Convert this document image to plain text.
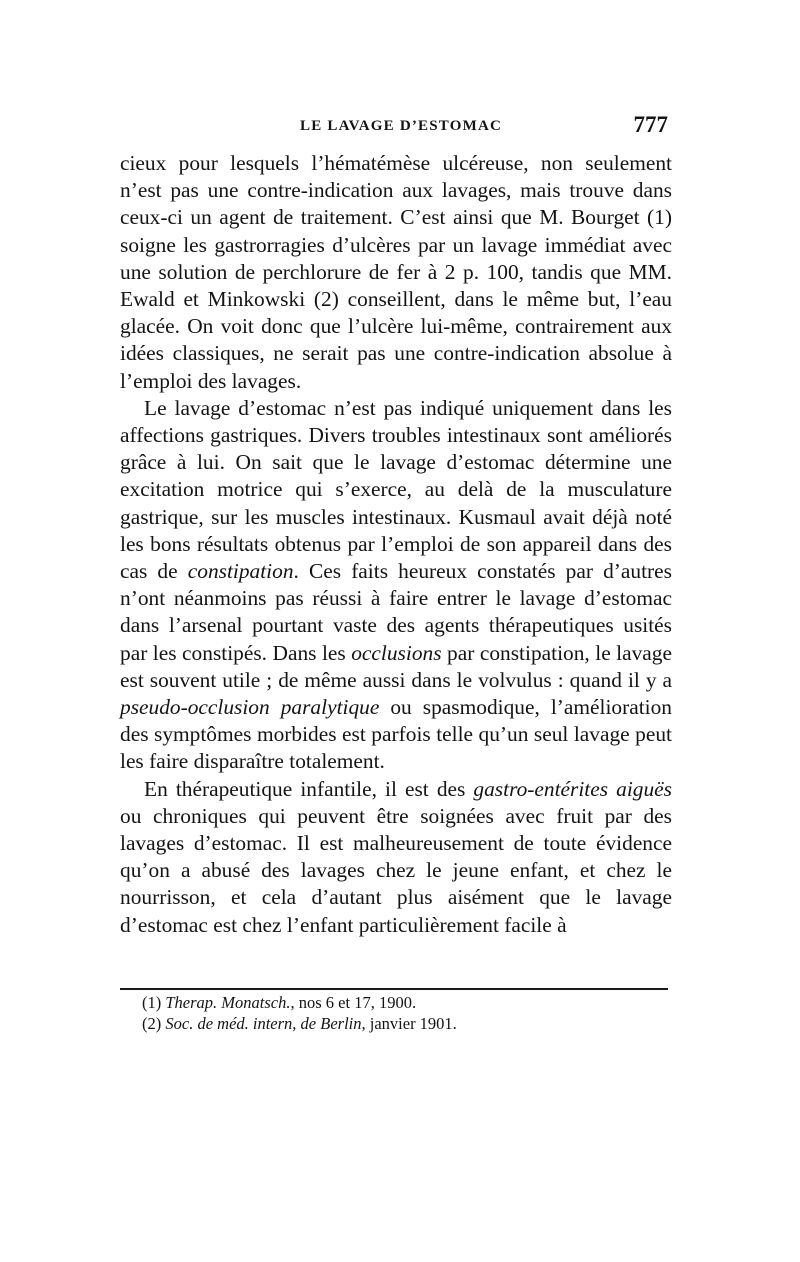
LE LAVAGE D’ESTOMAC	777

cieux pour lesquels l’hématémèse ulcéreuse, non seulement n’est pas une contre-indication aux lavages, mais trouve dans ceux-ci un agent de traitement. C’est ainsi que M. Bourget (1) soigne les gastrorragies d’ulcères par un lavage immédiat avec une solution de perchlorure de fer à 2 p. 100, tandis que MM. Ewald et Minkowski (2) conseillent, dans le même but, l’eau glacée. On voit donc que l’ulcère lui-même, contrairement aux idées classiques, ne serait pas une contre-indication absolue à l’emploi des lavages.

Le lavage d’estomac n’est pas indiqué uniquement dans les affections gastriques. Divers troubles intestinaux sont améliorés grâce à lui. On sait que le lavage d’estomac détermine une excitation motrice qui s’exerce, au delà de la musculature gastrique, sur les muscles intestinaux. Kusmaul avait déjà noté les bons résultats obtenus par l’emploi de son appareil dans des cas de constipation. Ces faits heureux constatés par d’autres n’ont néanmoins pas réussi à faire entrer le lavage d’estomac dans l’arsenal pourtant vaste des agents thérapeutiques usités par les constipés. Dans les occlusions par constipation, le lavage est souvent utile ; de même aussi dans le volvulus : quand il y a pseudo-occlusion paralytique ou spasmodique, l’amélioration des symptômes morbides est parfois telle qu’un seul lavage peut les faire disparaître totalement.

En thérapeutique infantile, il est des gastro-entérites aiguës ou chroniques qui peuvent être soignées avec fruit par des lavages d’estomac. Il est malheureusement de toute évidence qu’on a abusé des lavages chez le jeune enfant, et chez le nourrisson, et cela d’autant plus aisément que le lavage d’estomac est chez l’enfant particulièrement facile à

(1) Therap. Monatsch., nos 6 et 17, 1900.
(2) Soc. de méd. intern, de Berlin, janvier 1901.
